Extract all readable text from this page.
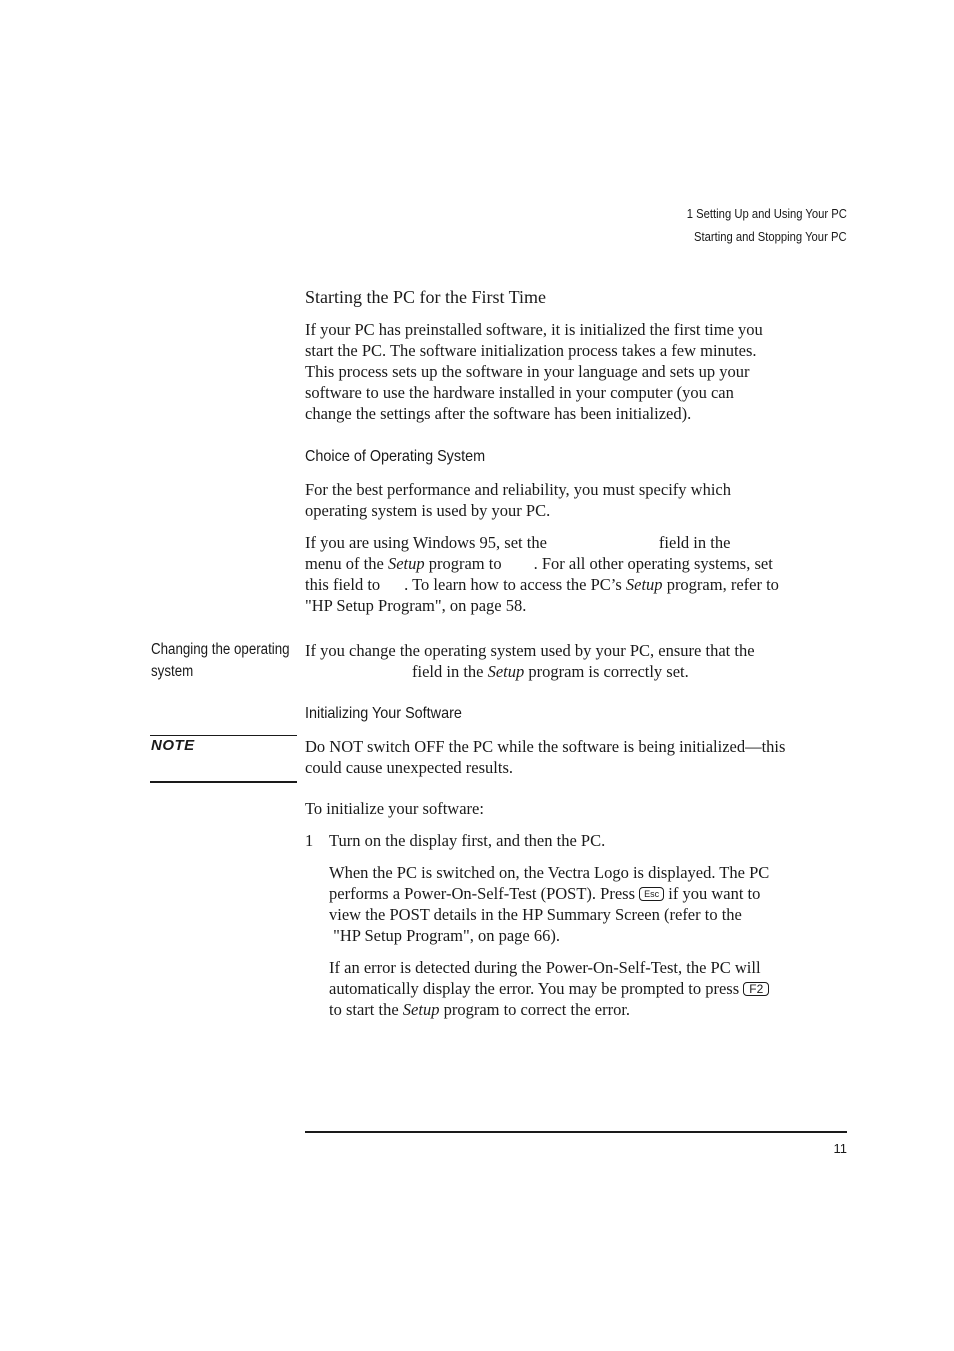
1 Setting Up and Using Your PC
Starting and Stopping Your PC
Starting the PC for the First Time
If your PC has preinstalled software, it is initialized the first time you
start the PC. The software initialization process takes a few minutes.
This process sets up the software in your language and sets up your
software to use the hardware installed in your computer (you can
change the settings after the software has been initialized).
Choice of Operating System
For the best performance and reliability, you must specify which
operating system is used by your PC.
If you are using Windows 95, set the	field in the
menu of the Setup program to . For all other operating systems, set
this field to . To learn how to access the PC’s Setup program, refer to
"HP Setup Program", on page 58.
Changing the operating
system
If you change the operating system used by your PC, ensure that the
field in the Setup program is correctly set.
Initializing Your Software
NOTE	Do NOT switch OFF the PC while the software is being initialized—this
could cause unexpected results.
To initialize your software:
1 Turn on the display first, and then the PC.
When the PC is switched on, the Vectra Logo is displayed. The PC
performs a Power-On-Self-Test (POST). Press Esc if you want to
view the POST details in the HP Summary Screen (refer to the
"HP Setup Program", on page 66).
If an error is detected during the Power-On-Self-Test, the PC will
automatically display the error. You may be prompted to press F2
to start the Setup program to correct the error.
11
